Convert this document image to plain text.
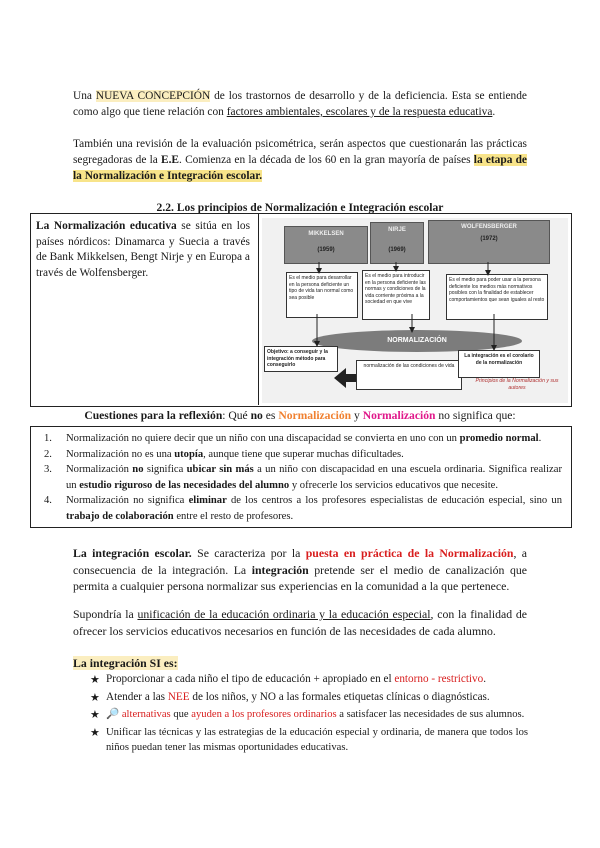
Una NUEVA CONCEPCIÓN de los trastornos de desarrollo y de la deficiencia. Esta se entiende como algo que tiene relación con factores ambientales, escolares y de la respuesta educativa.
También una revisión de la evaluación psicométrica, serán aspectos que cuestionarán las prácticas segregadoras de la E.E. Comienza en la década de los 60 en la gran mayoría de países la etapa de la Normalización e Integración escolar.
2.2. Los principios de Normalización e Integración escolar
La Normalización educativa se sitúa en los países nórdicos: Dinamarca y Suecia a través de Bank Mikkelsen, Bengt Nirje y en Europa a través de Wolfensberger.
MIKKELSEN
(1959)
NIRJE
(1969)
WOLFENSBERGER
(1972)
Es el medio para desarrollar en la persona deficiente un tipo de vida tan normal como sea posible
Es el medio para introducir en la persona deficiente las normas y condiciones de la vida corriente próxima a la sociedad en que vive
Es el medio para poder usar a la persona deficiente los medios más normativos posibles con la finalidad de establecer comportamientos que sean iguales al resto
NORMALIZACIÓN
Objetivo: a conseguir y la integración método para conseguirlo	normalización de las condiciones de vida
La integración es el corolario de la normalización
Principios de la Normalización y sus autores
Cuestiones para la reflexión: Qué no es Normalización y Normalización no significa que:
1. Normalización no quiere decir que un niño con una discapacidad se convierta en uno con un promedio normal.
2. Normalización no es una utopía, aunque tiene que superar muchas dificultades.
3. Normalización no significa ubicar sin más a un niño con discapacidad en una escuela ordinaria. Significa realizar un estudio riguroso de las necesidades del alumno y ofrecerle los servicios educativos que necesite.
4. Normalización no significa eliminar de los centros a los profesores especialistas de educación especial, sino un trabajo de colaboración entre el resto de profesores.
La integración escolar. Se caracteriza por la puesta en práctica de la Normalización, a consecuencia de la integración. La integración pretende ser el medio de canalización que permita a cualquier persona normalizar sus experiencias en la comunidad a la que pertenece.
Supondría la unificación de la educación ordinaria y la educación especial, con la finalidad de ofrecer los servicios educativos necesarios en función de las necesidades de cada alumno.
La integración SI es:
★ Proporcionar a cada niño el tipo de educación + apropiado en el entorno - restrictivo.
★ Atender a las NEE de los niños, y NO a las formales etiquetas clínicas o diagnósticas.
★ 🔎 alternativas que ayuden a los profesores ordinarios a satisfacer las necesidades de sus alumnos.
★ Unificar las técnicas y las estrategias de la educación especial y ordinaria, de manera que todos los niños puedan tener las mismas oportunidades educativas.
